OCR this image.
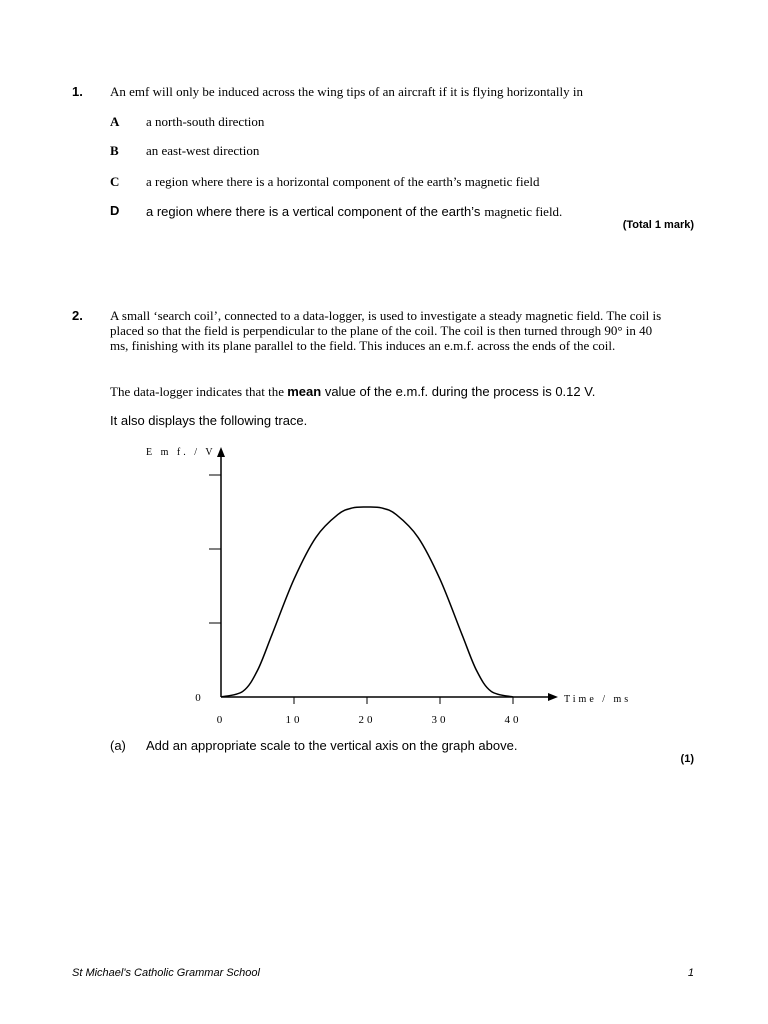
1. An emf will only be induced across the wing tips of an aircraft if it is flying horizontally in
A a north-south direction
B an east-west direction
C a region where there is a horizontal component of the earth’s magnetic field
D a region where there is a vertical component of the earth’s magnetic field.
(Total 1 mark)
2. A small ‘search coil’, connected to a data-logger, is used to investigate a steady magnetic field. The coil is placed so that the field is perpendicular to the plane of the coil. The coil is then turned through 90° in 40 ms, finishing with its plane parallel to the field. This induces an e.m.f. across the ends of the coil.
The data-logger indicates that the mean value of the e.m.f. during the process is 0.12 V.
It also displays the following trace.
0	10	20	30	40
0
E m f. / V
Time / ms
(a) Add an appropriate scale to the vertical axis on the graph above.
(1)
St Michael's Catholic Grammar School	1
